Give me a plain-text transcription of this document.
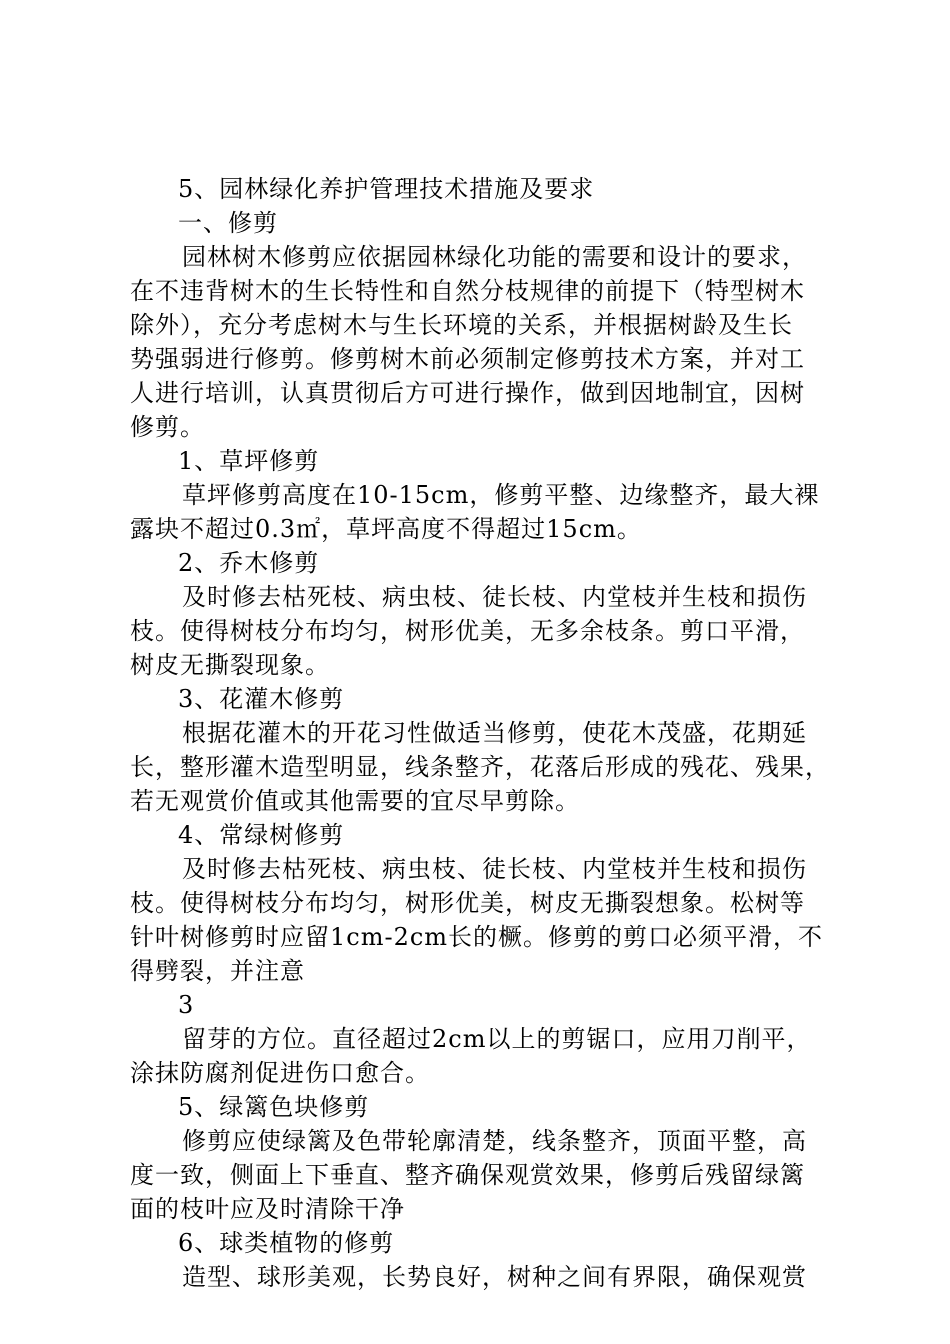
5、园林绿化养护管理技术措施及要求
一、修剪
园林树木修剪应依据园林绿化功能的需要和设计的要求，
在不违背树木的生长特性和自然分枝规律的前提下（特型树木
除外），充分考虑树木与生长环境的关系，并根据树龄及生长
势强弱进行修剪。修剪树木前必须制定修剪技术方案，并对工
人进行培训，认真贯彻后方可进行操作，做到因地制宜，因树
修剪。
1、草坪修剪
草坪修剪高度在10-15cm，修剪平整、边缘整齐，最大裸
露块不超过0.3㎡，草坪高度不得超过15cm。
2、乔木修剪
及时修去枯死枝、病虫枝、徒长枝、内堂枝并生枝和损伤
枝。使得树枝分布均匀，树形优美，无多余枝条。剪口平滑，
树皮无撕裂现象。
3、花灌木修剪
根据花灌木的开花习性做适当修剪，使花木茂盛，花期延
长，整形灌木造型明显，线条整齐，花落后形成的残花、残果，
若无观赏价值或其他需要的宜尽早剪除。
4、常绿树修剪
及时修去枯死枝、病虫枝、徒长枝、内堂枝并生枝和损伤
枝。使得树枝分布均匀，树形优美，树皮无撕裂想象。松树等
针叶树修剪时应留1cm-2cm长的橛。修剪的剪口必须平滑，不
得劈裂，并注意
3
留芽的方位。直径超过2cm以上的剪锯口，应用刀削平，
涂抹防腐剂促进伤口愈合。
5、绿篱色块修剪
修剪应使绿篱及色带轮廓清楚，线条整齐，顶面平整，高
度一致，侧面上下垂直、整齐确保观赏效果，修剪后残留绿篱
面的枝叶应及时清除干净
6、球类植物的修剪
造型、球形美观，长势良好，树种之间有界限，确保观赏
